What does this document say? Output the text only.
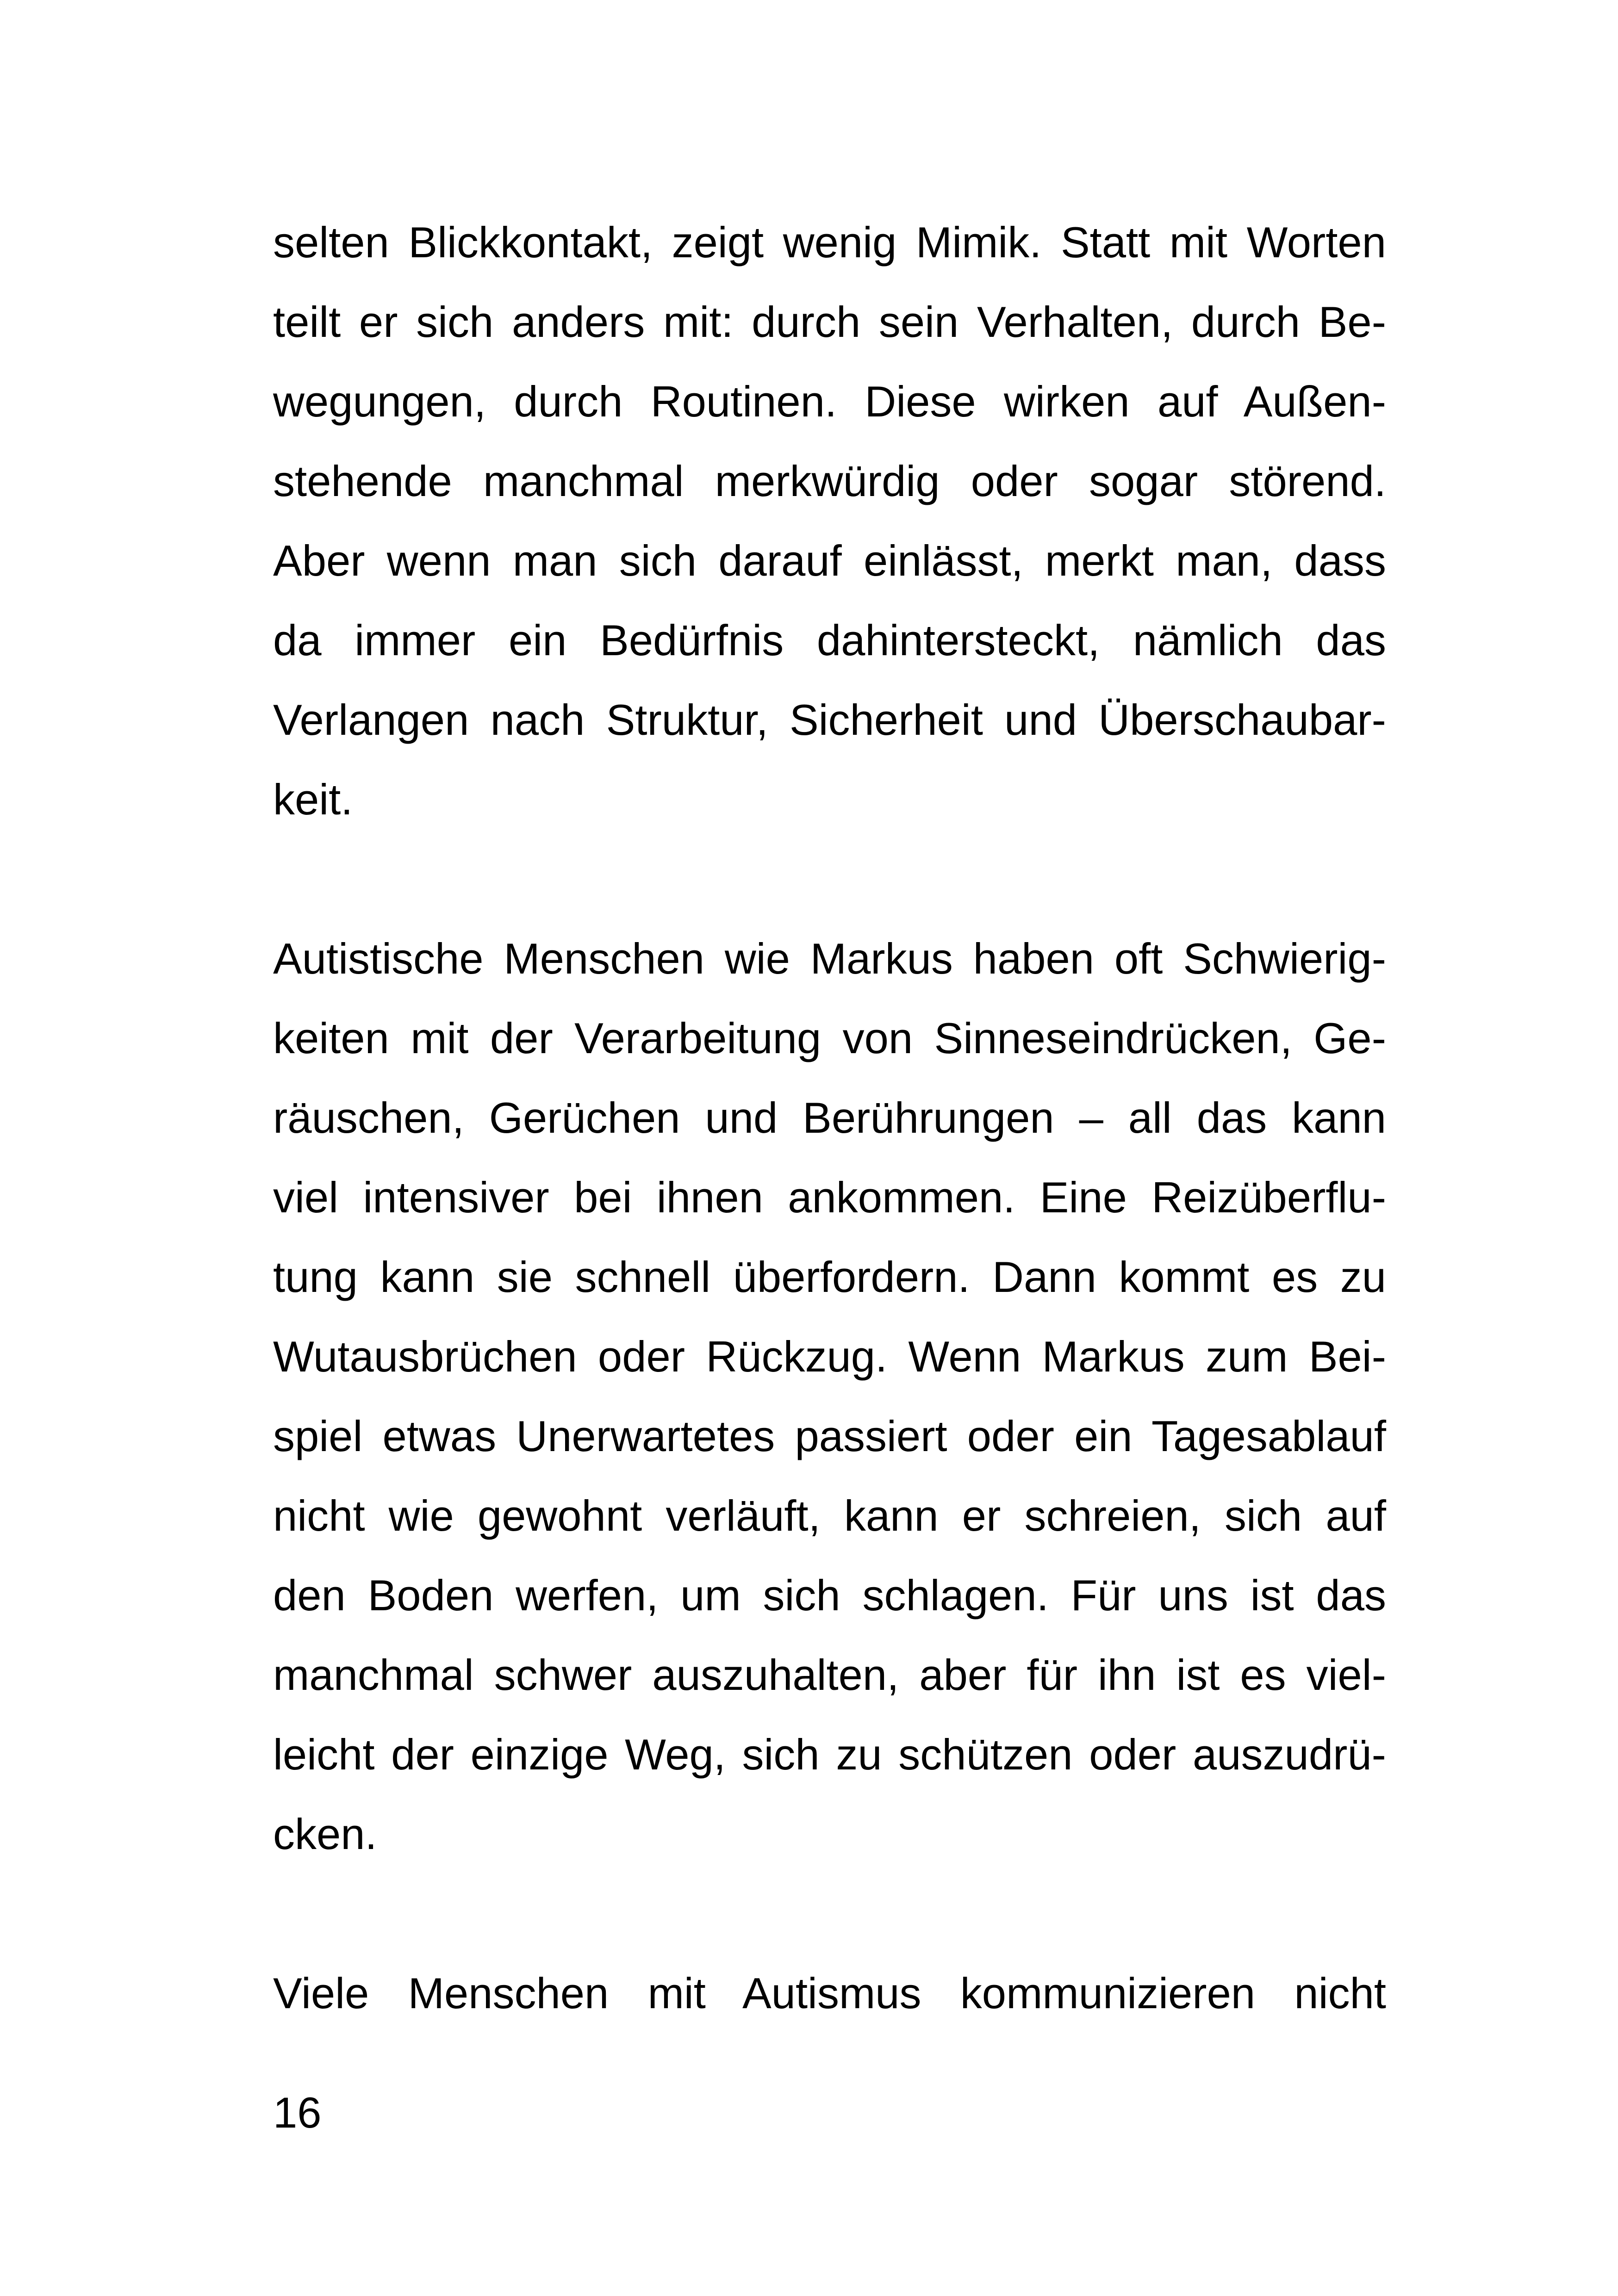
selten Blickkontakt, zeigt wenig Mimik. Statt mit Worten
teilt er sich anders mit: durch sein Verhalten, durch Be-
wegungen, durch Routinen. Diese wirken auf Außen-
stehende manchmal merkwürdig oder sogar störend.
Aber wenn man sich darauf einlässt, merkt man, dass
da immer ein Bedürfnis dahintersteckt, nämlich das
Verlangen nach Struktur, Sicherheit und Überschaubar-
keit.

Autistische Menschen wie Markus haben oft Schwierig-
keiten mit der Verarbeitung von Sinneseindrücken, Ge-
räuschen, Gerüchen und Berührungen – all das kann
viel intensiver bei ihnen ankommen. Eine Reizüberflu-
tung kann sie schnell überfordern. Dann kommt es zu
Wutausbrüchen oder Rückzug. Wenn Markus zum Bei-
spiel etwas Unerwartetes passiert oder ein Tagesablauf
nicht wie gewohnt verläuft, kann er schreien, sich auf
den Boden werfen, um sich schlagen. Für uns ist das
manchmal schwer auszuhalten, aber für ihn ist es viel-
leicht der einzige Weg, sich zu schützen oder auszudrü-
cken.

Viele Menschen mit Autismus kommunizieren nicht

16
